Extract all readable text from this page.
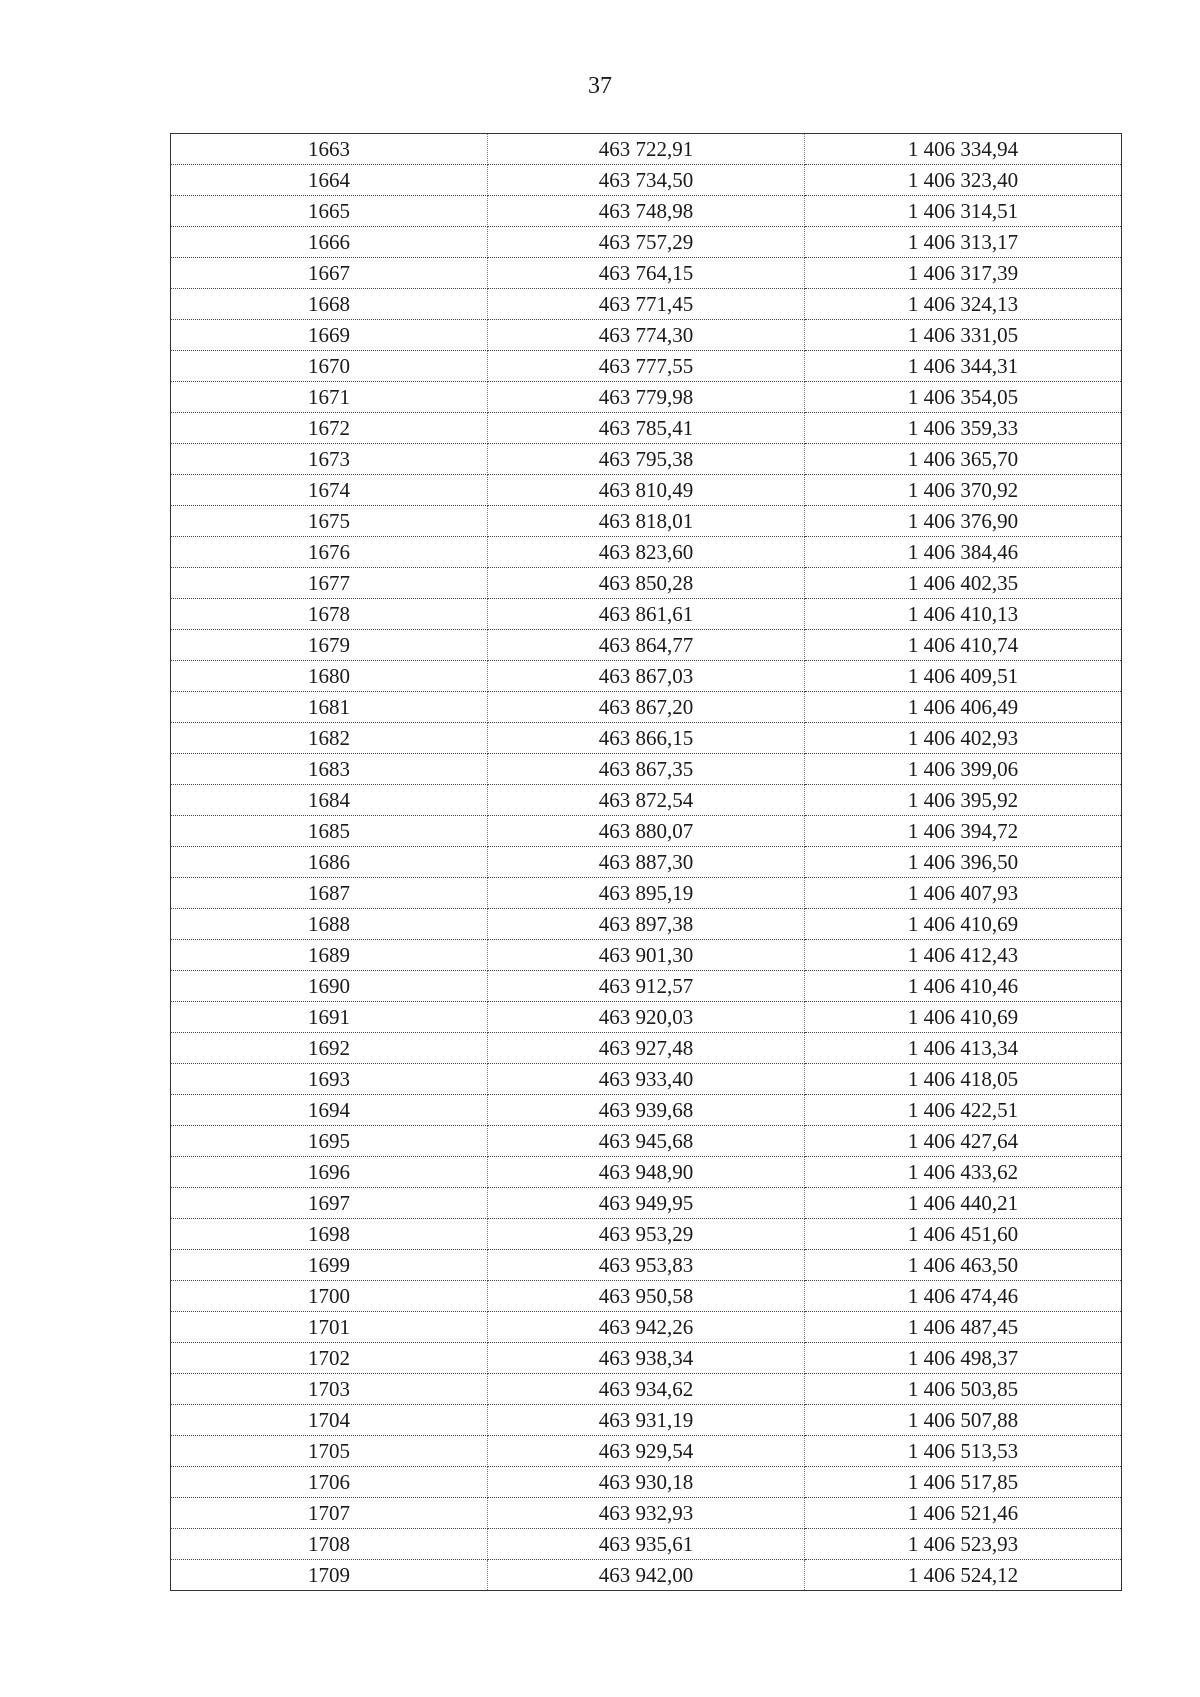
37
1663	463 722,91	1 406 334,94
1664	463 734,50	1 406 323,40
1665	463 748,98	1 406 314,51
1666	463 757,29	1 406 313,17
1667	463 764,15	1 406 317,39
1668	463 771,45	1 406 324,13
1669	463 774,30	1 406 331,05
1670	463 777,55	1 406 344,31
1671	463 779,98	1 406 354,05
1672	463 785,41	1 406 359,33
1673	463 795,38	1 406 365,70
1674	463 810,49	1 406 370,92
1675	463 818,01	1 406 376,90
1676	463 823,60	1 406 384,46
1677	463 850,28	1 406 402,35
1678	463 861,61	1 406 410,13
1679	463 864,77	1 406 410,74
1680	463 867,03	1 406 409,51
1681	463 867,20	1 406 406,49
1682	463 866,15	1 406 402,93
1683	463 867,35	1 406 399,06
1684	463 872,54	1 406 395,92
1685	463 880,07	1 406 394,72
1686	463 887,30	1 406 396,50
1687	463 895,19	1 406 407,93
1688	463 897,38	1 406 410,69
1689	463 901,30	1 406 412,43
1690	463 912,57	1 406 410,46
1691	463 920,03	1 406 410,69
1692	463 927,48	1 406 413,34
1693	463 933,40	1 406 418,05
1694	463 939,68	1 406 422,51
1695	463 945,68	1 406 427,64
1696	463 948,90	1 406 433,62
1697	463 949,95	1 406 440,21
1698	463 953,29	1 406 451,60
1699	463 953,83	1 406 463,50
1700	463 950,58	1 406 474,46
1701	463 942,26	1 406 487,45
1702	463 938,34	1 406 498,37
1703	463 934,62	1 406 503,85
1704	463 931,19	1 406 507,88
1705	463 929,54	1 406 513,53
1706	463 930,18	1 406 517,85
1707	463 932,93	1 406 521,46
1708	463 935,61	1 406 523,93
1709	463 942,00	1 406 524,12
